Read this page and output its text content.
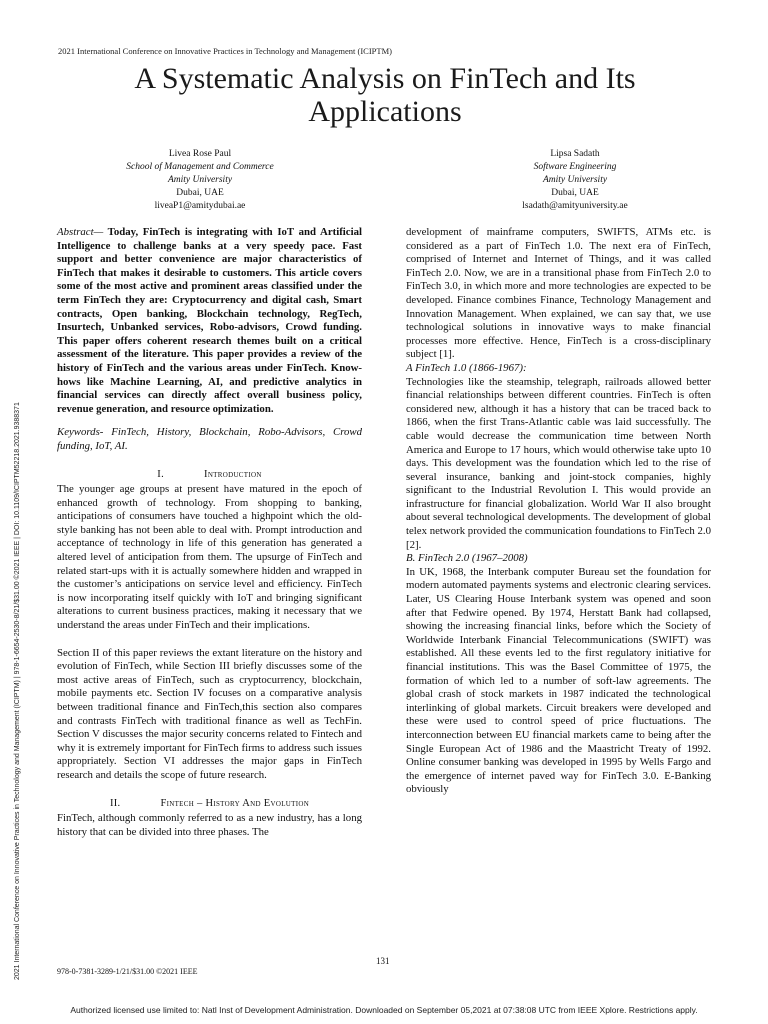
2021 International Conference on Innovative Practices in Technology and Management (ICIPTM)
A Systematic Analysis on FinTech and Its Applications
Livea Rose Paul
School of Management and Commerce
Amity University
Dubai, UAE
liveaP1@amitydubai.ae
Lipsa Sadath
Software Engineering
Amity University
Dubai, UAE
lsadath@amityuniversity.ae
2021 International Conference on Innovative Practices in Technology and Management (ICIPTM) | 978-1-6654-2530-8/21/$31.00 ©2021 IEEE | DOI: 10.1109/ICIPTM52218.2021.9388371

Abstract— Today, FinTech is integrating with IoT and Artificial Intelligence to challenge banks at a very speedy pace. Fast support and better convenience are major characteristics of FinTech that makes it desirable to customers. This article covers some of the most active and prominent areas classified under the term FinTech they are: Cryptocurrency and digital cash, Smart contracts, Open banking, Blockchain technology, RegTech, Insurtech, Unbanked services, Robo-advisors, Crowd funding. This paper offers coherent research themes built on a critical assessment of the literature. This paper provides a review of the history of FinTech and the various areas under FinTech. Know-hows like Machine Learning, AI, and predictive analytics in financial services can directly affect overall business policy, revenue generation, and resource optimization.

Keywords- FinTech, History, Blockchain, Robo-Advisors, Crowd funding, IoT, AI.

I.	Introduction

The younger age groups at present have matured in the epoch of enhanced growth of technology. From shopping to banking, anticipations of consumers have touched a highpoint which the old-style banking has not been able to deal with. Prompt introduction and acceptance of technology in life of this generation has generated a altered level of anticipation from them. The upsurge of FinTech and related start-ups with it is actually somewhere hidden and wrapped in the customer’s anticipations on service level and efficiency. FinTech is now incorporating itself quickly with IoT and bringing significant alterations to current business practices, making it necessary that we understand the areas under FinTech and their implications.

Section II of this paper reviews the extant literature on the history and evolution of FinTech, while Section III briefly discusses some of the most active areas of FinTech, such as cryptocurrency, blockchain, mobile payments etc. Section IV focuses on a comparative analysis between traditional finance and FinTech,this section also compares and contrasts FinTech with traditional finance as well as TechFin. Section V discusses the major security concerns related to Fintech and why it is extremely important for FinTech firms to address such issues appropriately. Section VI addresses the major gaps in FinTech research and details the scope of future research.

II.	Fintech – History And Evolution

FinTech, although commonly referred to as a new industry, has a long history that can be divided into three phases. The

development of mainframe computers, SWIFTS, ATMs etc. is considered as a part of FinTech 1.0. The next era of FinTech, comprised of Internet and Internet of Things, and it was called FinTech 2.0. Now, we are in a transitional phase from FinTech 2.0 to FinTech 3.0, in which more and more technologies are expected to be developed. Finance combines Finance, Technology Management and Innovation Management. When explained, we can say that, we use technological solutions in innovative ways to make financial processes more effective. Hence, FinTech is a cross-disciplinary subject [1].

A FinTech 1.0 (1866-1967):

Technologies like the steamship, telegraph, railroads allowed better financial relationships between different countries. FinTech is often considered new, although it has a history that can be traced back to 1866, when the first Trans-Atlantic cable was laid successfully. The cable would decrease the communication time between North America and Europe to 17 hours, which would otherwise take upto 10 days. This development was the foundation which led to the rise of several insurance, banking and joint-stock companies, highly significant to the Industrial Revolution I. This would provide an infrastructure for financial globalization. World War II also brought about several technological developments. The development of global telex network provided the communication foundations to FinTech 2.0 [2].

B. FinTech 2.0 (1967–2008)

In UK, 1968, the Interbank computer Bureau set the foundation for modern automated payments systems and electronic clearing services. Later, US Clearing House Interbank system was opened and soon after that Fedwire opened. By 1974, Herstatt Bank had collapsed, showing the increasing financial links, before which the Society of Worldwide Interbank Financial Telecommunications (SWIFT) was established. All these events led to the first regulatory initiative for financial institutions. This was the Basel Committee of 1975, the formation of which led to a number of soft-law agreements. The global crash of stock markets in 1987 indicated the technological interlinking of global markets. Circuit breakers were developed and these were used to control speed of price fluctuations. The interconnection between EU financial markets came to being after the Single European Act of 1986 and the Maastricht Treaty of 1992. Online consumer banking was developed in 1995 by Wells Fargo and the emergence of internet paved way for FinTech 3.0. E-Banking obviously

131
978-0-7381-3289-1/21/$31.00 ©2021 IEEE
Authorized licensed use limited to: Natl Inst of Development Administration. Downloaded on September 05,2021 at 07:38:08 UTC from IEEE Xplore. Restrictions apply.
